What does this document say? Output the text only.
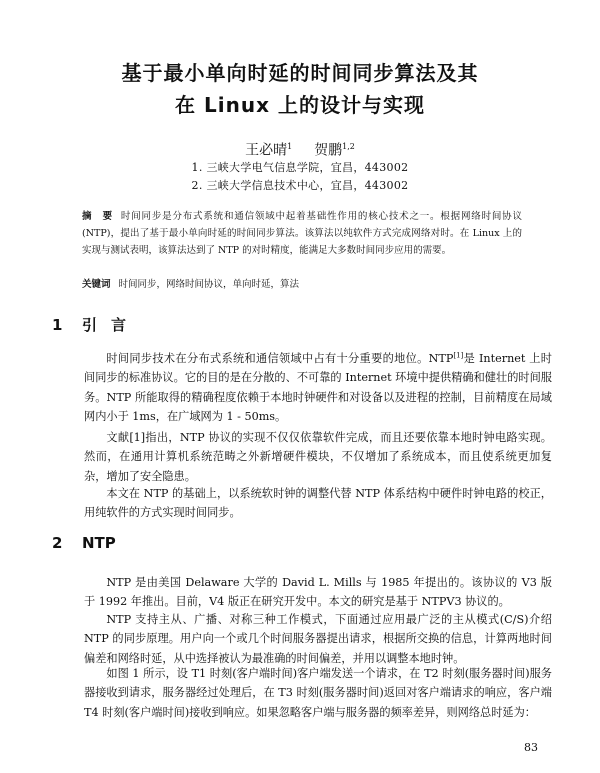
基于最小单向时延的时间同步算法及其
在 Linux 上的设计与实现
王必晴$^1$ 贺鹏$^{1,2}$
1. 三峡大学电气信息学院，宜昌，443002
2. 三峡大学信息技术中心，宜昌，443002
摘　要 时间同步是分布式系统和通信领域中起着基础性作用的核心技术之一。根据网络时间协议(NTP)，提出了基于最小单向时延的时间同步算法。该算法以纯软件方式完成网络对时。在 Linux 上的实现与测试表明，该算法达到了 NTP 的对时精度，能满足大多数时间同步应用的需要。
关键词 时间同步，网络时间协议，单向时延，算法
1 引言
时间同步技术在分布式系统和通信领域中占有十分重要的地位。NTP[1]是 Internet 上时间同步的标准协议。它的目的是在分散的、不可靠的 Internet 环境中提供精确和健壮的时间服务。NTP 所能取得的精确程度依赖于本地时钟硬件和对设备以及进程的控制，目前精度在局域网内小于 1ms，在广域网为 1 - 50ms。
文献[1]指出，NTP 协议的实现不仅仅依靠软件完成，而且还要依靠本地时钟电路实现。然而，在通用计算机系统范畴之外新增硬件模块，不仅增加了系统成本，而且使系统更加复杂，增加了安全隐患。
本文在 NTP 的基础上，以系统软时钟的调整代替 NTP 体系结构中硬件时钟电路的校正，用纯软件的方式实现时间同步。
2 NTP
NTP 是由美国 Delaware 大学的 David L. Mills 与 1985 年提出的。该协议的 V3 版于 1992 年推出。目前，V4 版正在研究开发中。本文的研究是基于 NTPV3 协议的。
NTP 支持主从、广播、对称三种工作模式，下面通过应用最广泛的主从模式(C/S)介绍 NTP 的同步原理。用户向一个或几个时间服务器提出请求，根据所交换的信息，计算两地时间偏差和网络时延，从中选择被认为最准确的时间偏差，并用以调整本地时钟。
如图 1 所示，设 T1 时刻(客户端时间)客户端发送一个请求，在 T2 时刻(服务器时间)服务器接收到请求，服务器经过处理后，在 T3 时刻(服务器时间)返回对客户端请求的响应，客户端 T4 时刻(客户端时间)接收到响应。如果忽略客户端与服务器的频率差异，则网络总时延为：
83
